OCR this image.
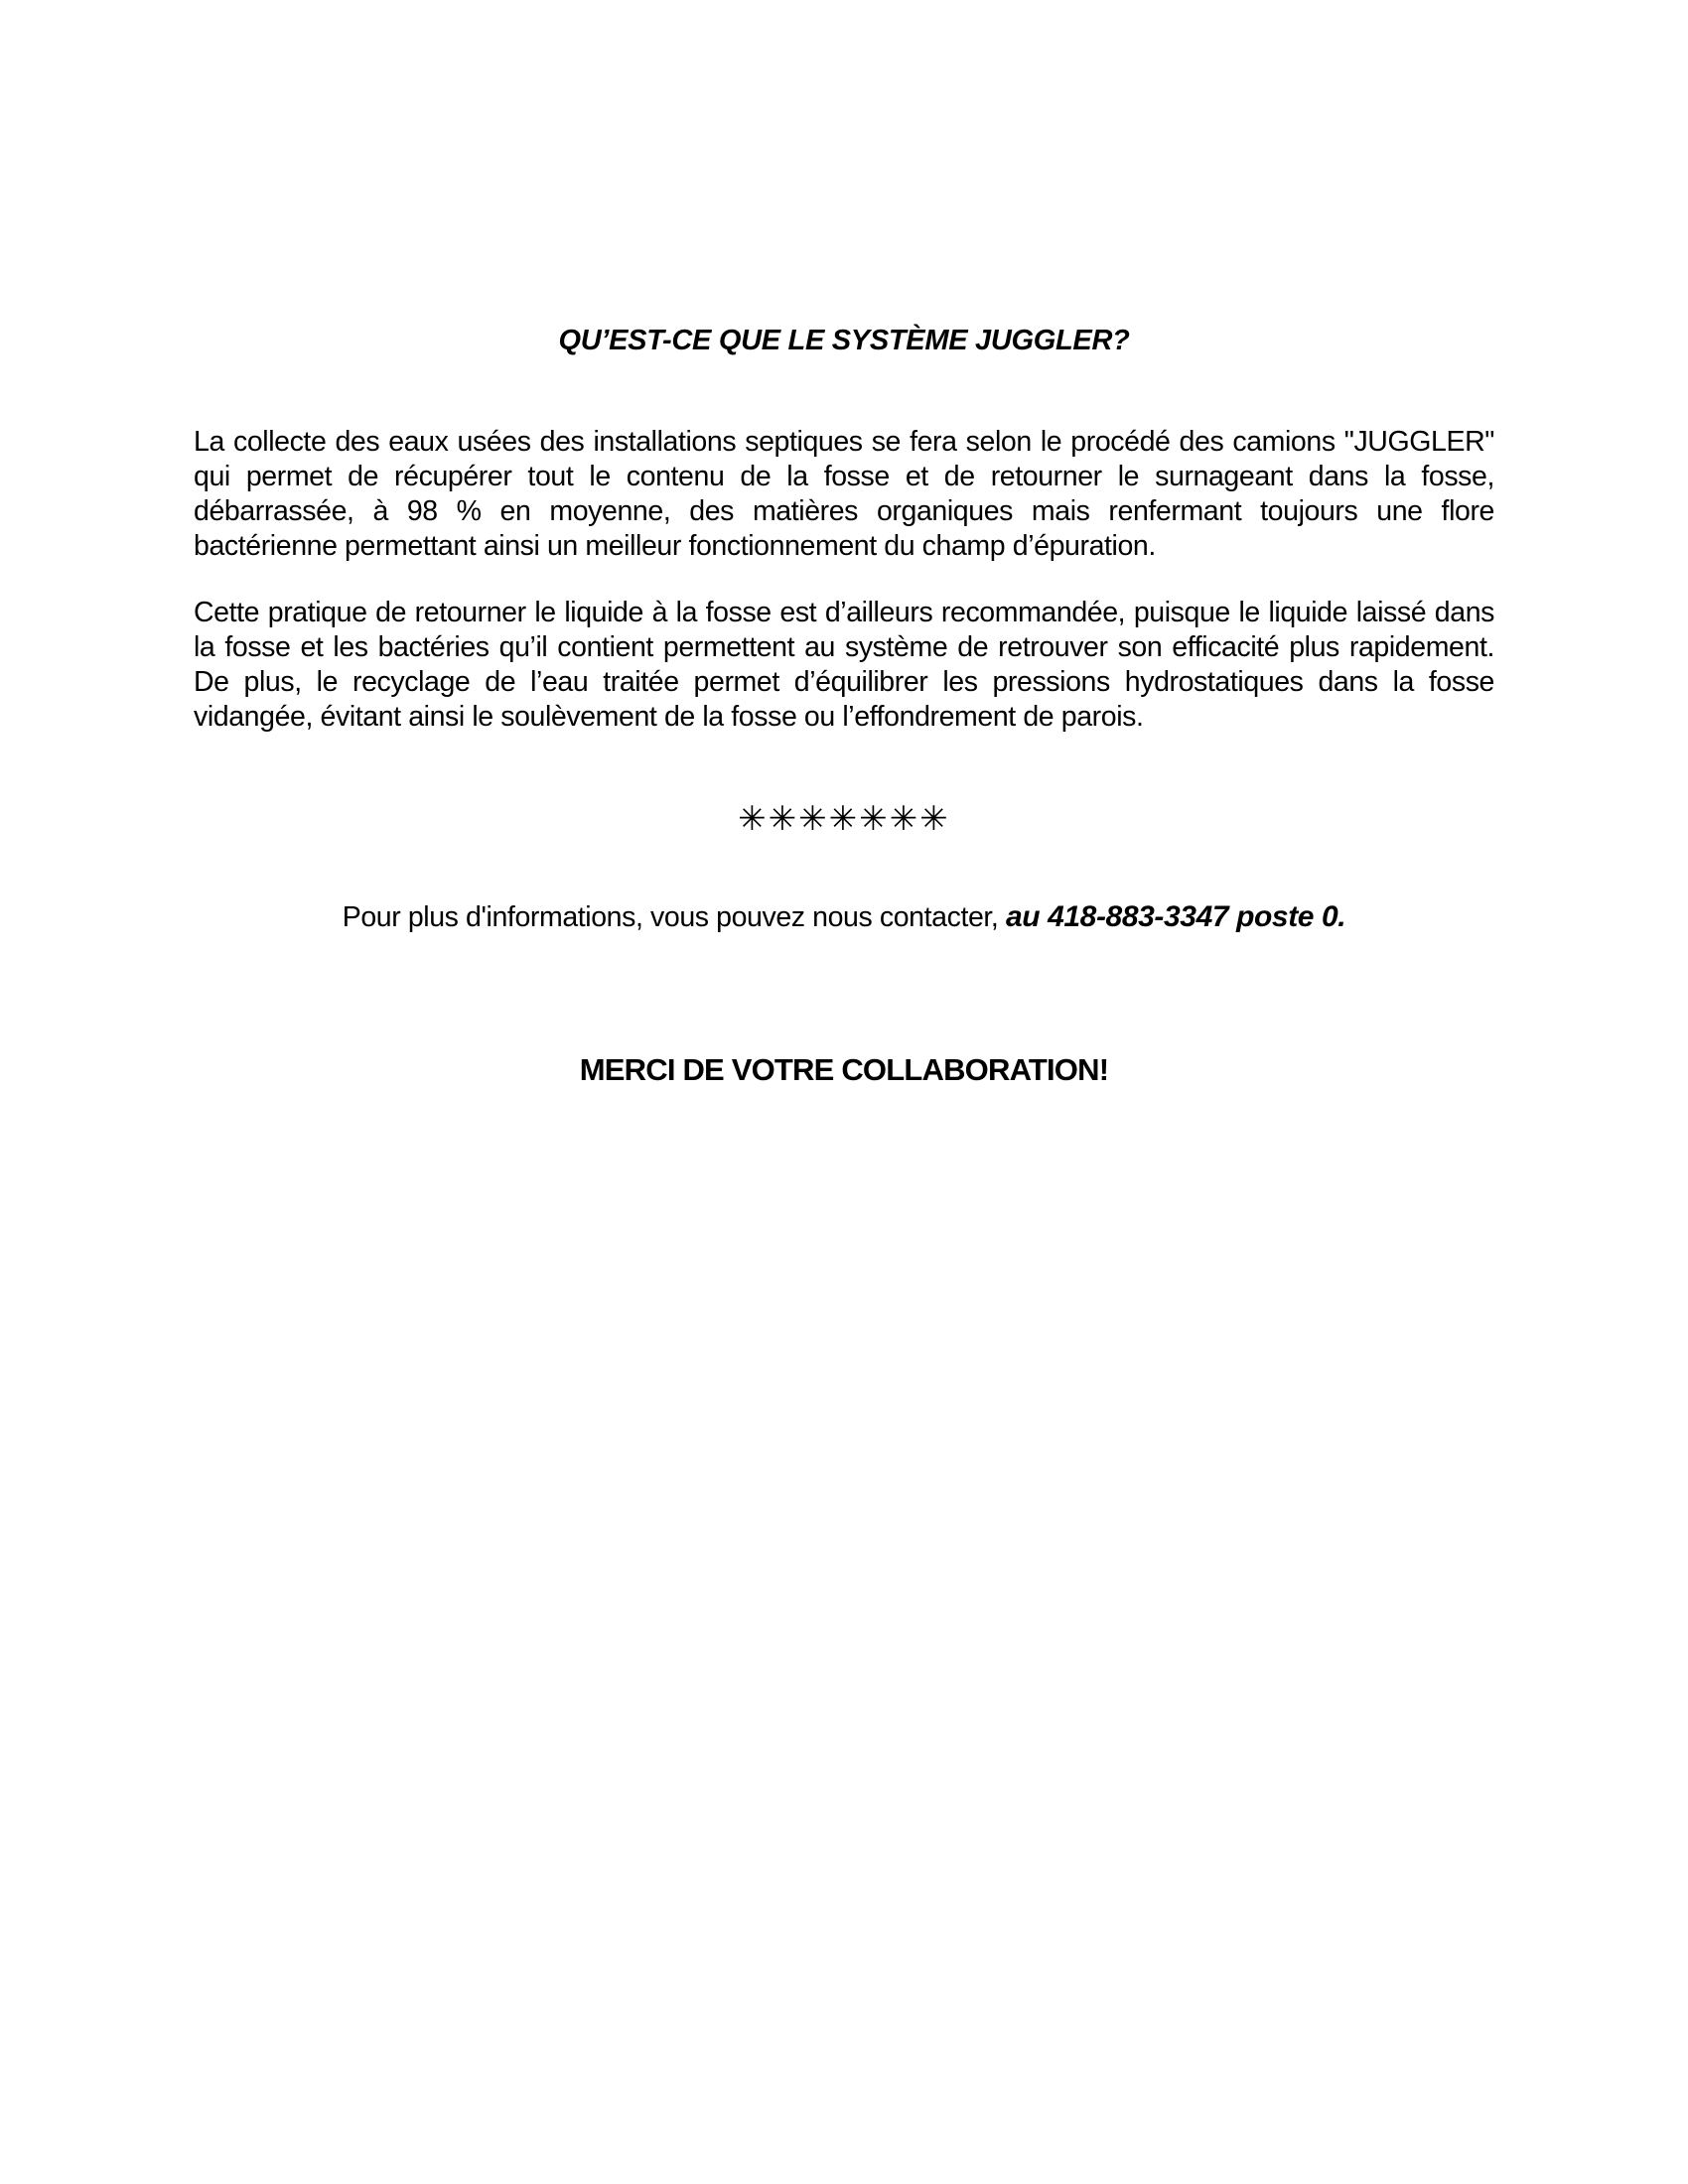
QU’EST-CE QUE LE SYSTÈME JUGGLER?
La collecte des eaux usées des installations septiques se fera selon le procédé des camions "JUGGLER" qui permet de récupérer tout le contenu de la fosse et de retourner le surnageant dans la fosse, débarrassée, à 98 % en moyenne, des matières organiques mais renfermant toujours une flore bactérienne permettant ainsi un meilleur fonctionnement du champ d’épuration.
Cette pratique de retourner le liquide à la fosse est d’ailleurs recommandée, puisque le liquide laissé dans la fosse et les bactéries qu’il contient permettent au système de retrouver son efficacité plus rapidement. De plus, le recyclage de l’eau traitée permet d’équilibrer les pressions hydrostatiques dans la fosse vidangée, évitant ainsi le soulèvement de la fosse ou l’effondrement de parois.
✳✳✳✳✳✳✳
Pour plus d'informations, vous pouvez nous contacter, au 418-883-3347 poste 0.
MERCI DE VOTRE COLLABORATION!
